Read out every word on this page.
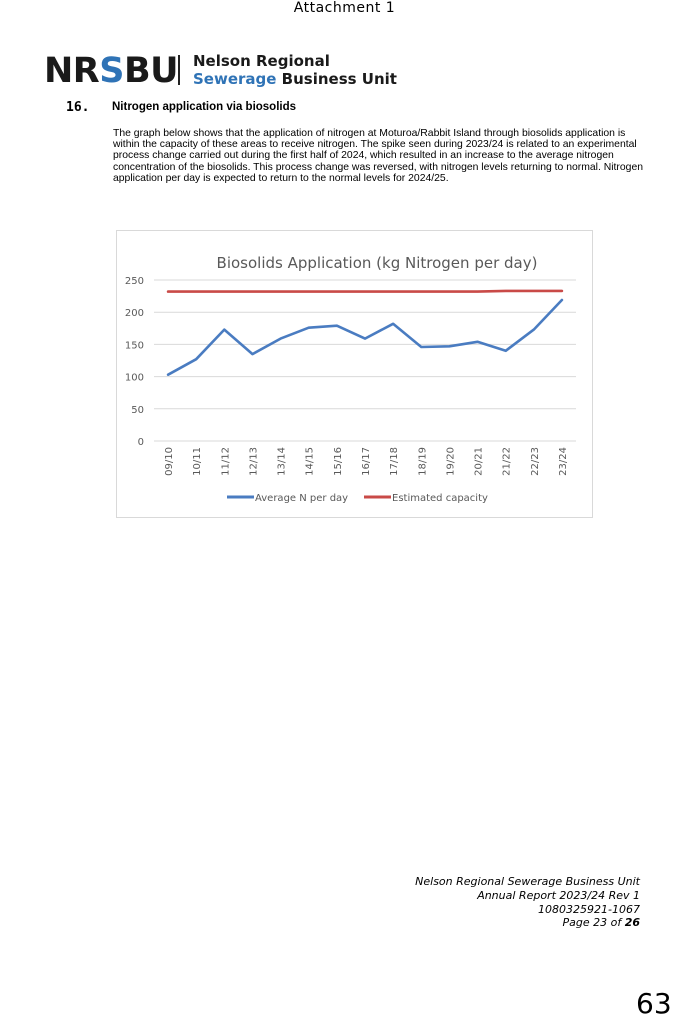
Attachment 1
NRSBU Nelson Regional
Sewerage Business Unit
16. Nitrogen application via biosolids
The graph below shows that the application of nitrogen at Moturoa/Rabbit Island through biosolids application is within the capacity of these areas to receive nitrogen. The spike seen during 2023/24 is related to an experimental process change carried out during the first half of 2024, which resulted in an increase to the average nitrogen concentration of the biosolids. This process change was reversed, with nitrogen levels returning to normal. Nitrogen application per day is expected to return to the normal levels for 2024/25.
Biosolids Application (kg Nitrogen per day)
0
50
100
150
200
250
09/10 10/11 11/12 12/13 13/14 14/15 15/16 16/17 17/18 18/19 19/20 20/21 21/22 22/23 23/24
Average N per day	Estimated capacity
Nelson Regional Sewerage Business Unit
Annual Report 2023/24 Rev 1
1080325921-1067
Page 23 of 26
63
